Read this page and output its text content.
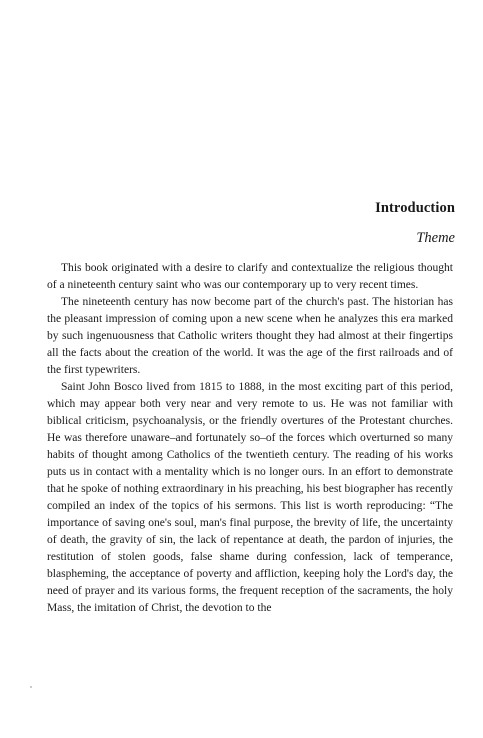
Introduction
Theme

This book originated with a desire to clarify and contextualize the religious thought of a nineteenth century saint who was our contemporary up to very recent times.

The nineteenth century has now become part of the church's past. The historian has the pleasant impression of coming upon a new scene when he analyzes this era marked by such ingenuousness that Catholic writers thought they had almost at their fingertips all the facts about the creation of the world. It was the age of the first railroads and of the first typewriters.

Saint John Bosco lived from 1815 to 1888, in the most exciting part of this period, which may appear both very near and very remote to us. He was not familiar with biblical criticism, psychoanalysis, or the friendly overtures of the Protestant churches. He was therefore unaware–and fortunately so–of the forces which overturned so many habits of thought among Catholics of the twentieth century. The reading of his works puts us in contact with a mentality which is no longer ours. In an effort to demonstrate that he spoke of nothing extraordinary in his preaching, his best biographer has recently compiled an index of the topics of his sermons. This list is worth reproducing: “The importance of saving one's soul, man's final purpose, the brevity of life, the uncertainty of death, the gravity of sin, the lack of repentance at death, the pardon of injuries, the restitution of stolen goods, false shame during confession, lack of temperance, blaspheming, the acceptance of poverty and affliction, keeping holy the Lord's day, the need of prayer and its various forms, the frequent reception of the sacraments, the holy Mass, the imitation of Christ, the devotion to the
